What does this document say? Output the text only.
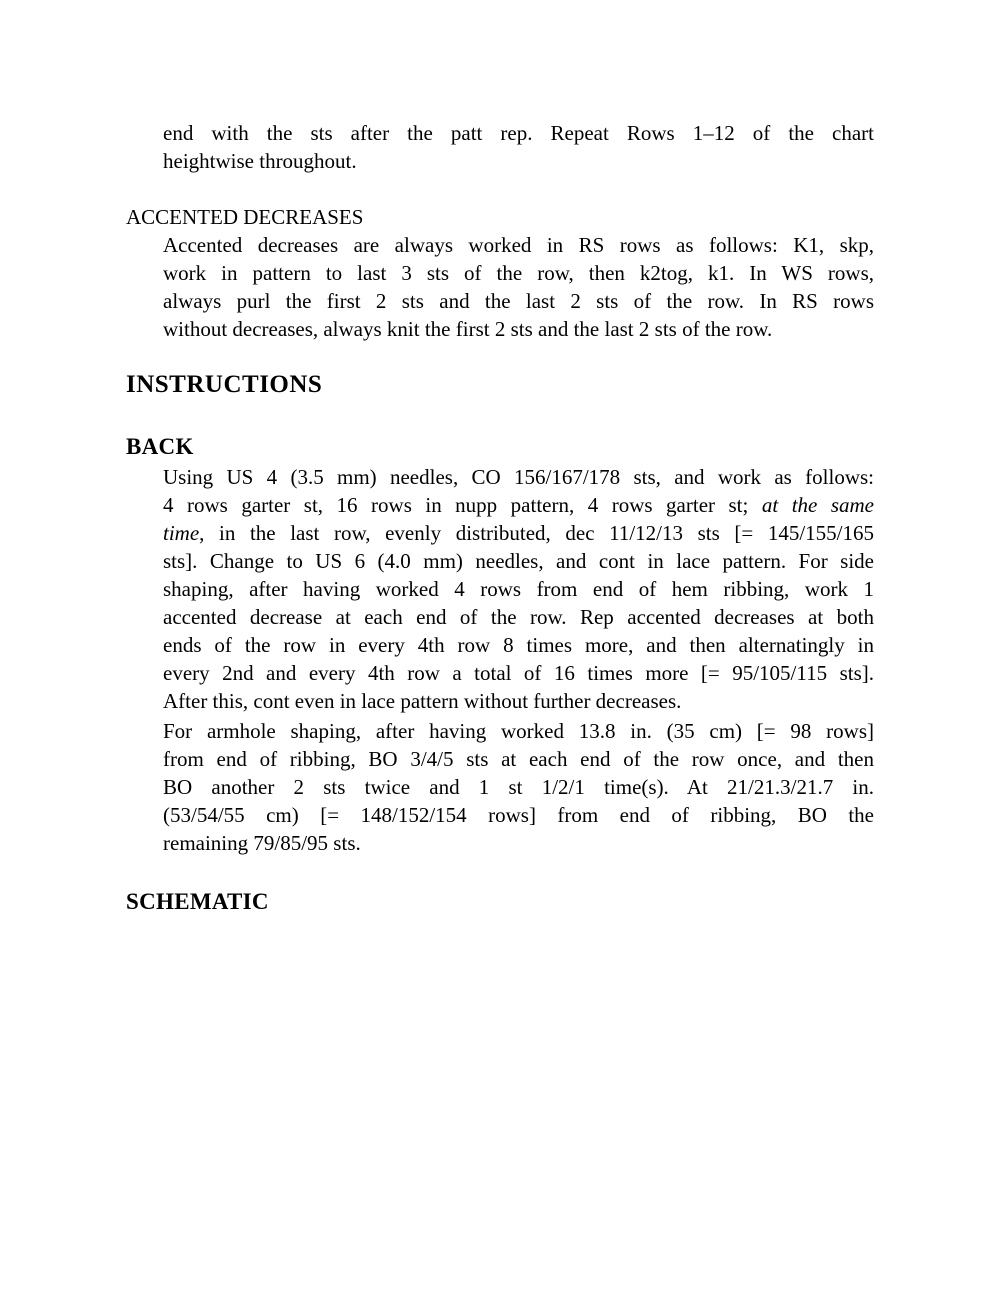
end with the sts after the patt rep. Repeat Rows 1–12 of the chart
heightwise throughout.
ACCENTED DECREASES
Accented decreases are always worked in RS rows as follows: K1, skp,
work in pattern to last 3 sts of the row, then k2tog, k1. In WS rows,
always purl the first 2 sts and the last 2 sts of the row. In RS rows
without decreases, always knit the first 2 sts and the last 2 sts of the row.
INSTRUCTIONS
BACK
Using US 4 (3.5 mm) needles, CO 156/167/178 sts, and work as follows:
4 rows garter st, 16 rows in nupp pattern, 4 rows garter st; at the same
time, in the last row, evenly distributed, dec 11/12/13 sts [= 145/155/165
sts]. Change to US 6 (4.0 mm) needles, and cont in lace pattern. For side
shaping, after having worked 4 rows from end of hem ribbing, work 1
accented decrease at each end of the row. Rep accented decreases at both
ends of the row in every 4th row 8 times more, and then alternatingly in
every 2nd and every 4th row a total of 16 times more [= 95/105/115 sts].
After this, cont even in lace pattern without further decreases.
For armhole shaping, after having worked 13.8 in. (35 cm) [= 98 rows]
from end of ribbing, BO 3/4/5 sts at each end of the row once, and then
BO another 2 sts twice and 1 st 1/2/1 time(s). At 21/21.3/21.7 in.
(53/54/55 cm) [= 148/152/154 rows] from end of ribbing, BO the
remaining 79/85/95 sts.
SCHEMATIC
